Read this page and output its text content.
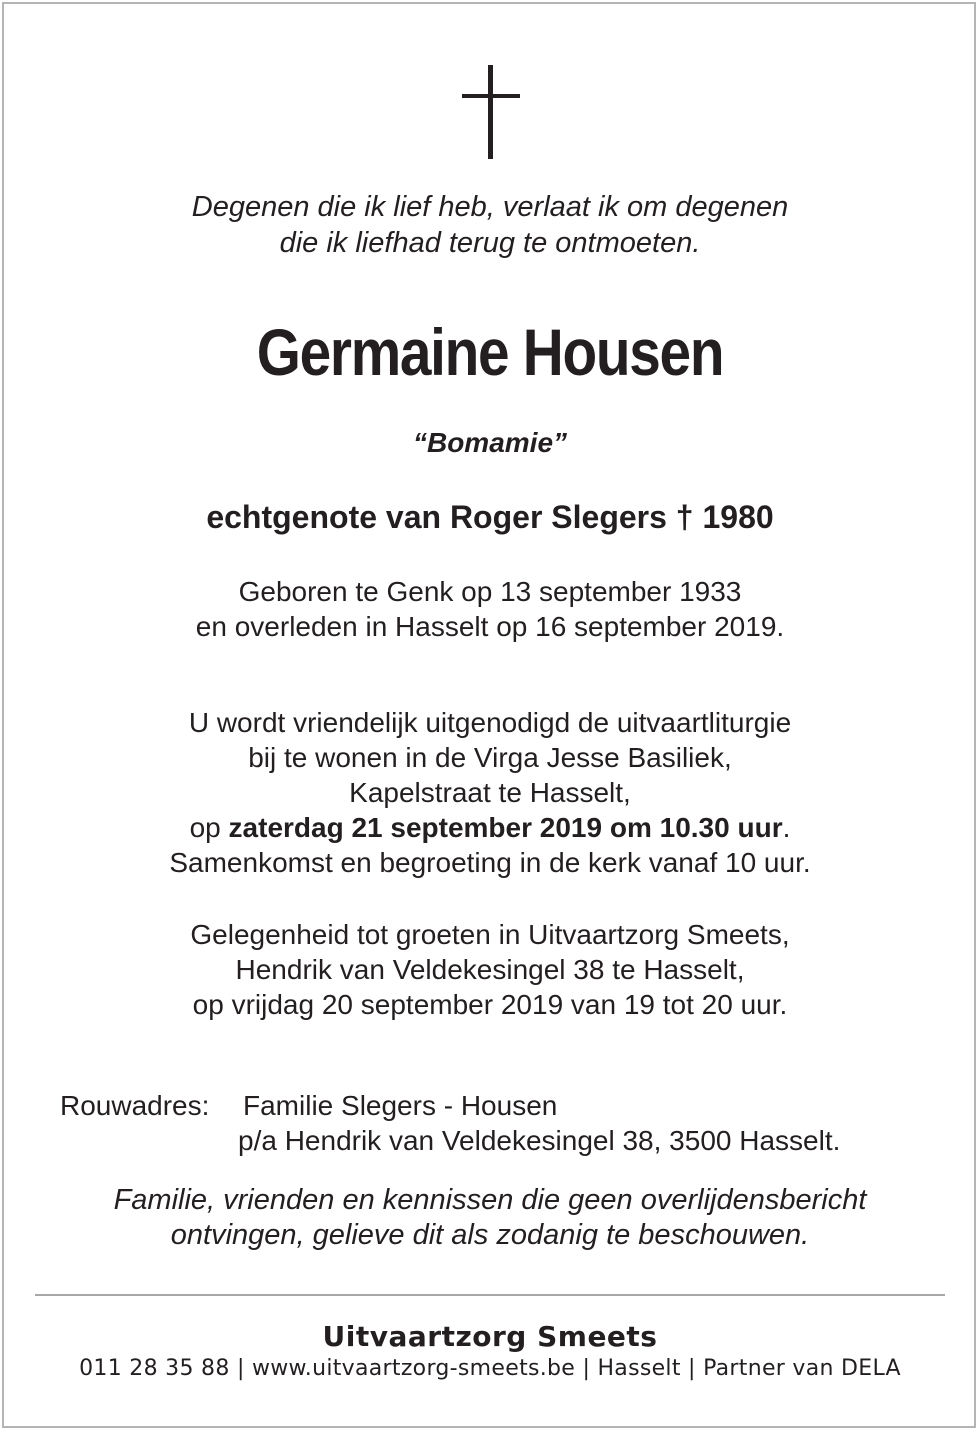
Degenen die ik lief heb, verlaat ik om degenen
die ik liefhad terug te ontmoeten.
Germaine Housen
“Bomamie”
echtgenote van Roger Slegers † 1980
Geboren te Genk op 13 september 1933
en overleden in Hasselt op 16 september 2019.
U wordt vriendelijk uitgenodigd de uitvaartliturgie
bij te wonen in de Virga Jesse Basiliek,
Kapelstraat te Hasselt,
op zaterdag 21 september 2019 om 10.30 uur.
Samenkomst en begroeting in de kerk vanaf 10 uur.
Gelegenheid tot groeten in Uitvaartzorg Smeets,
Hendrik van Veldekesingel 38 te Hasselt,
op vrijdag 20 september 2019 van 19 tot 20 uur.
Rouwadres: Familie Slegers - Housen
p/a Hendrik van Veldekesingel 38, 3500 Hasselt.
Familie, vrienden en kennissen die geen overlijdensbericht
ontvingen, gelieve dit als zodanig te beschouwen.
Uitvaartzorg Smeets
011 28 35 88 | www.uitvaartzorg-smeets.be | Hasselt | Partner van DELA
